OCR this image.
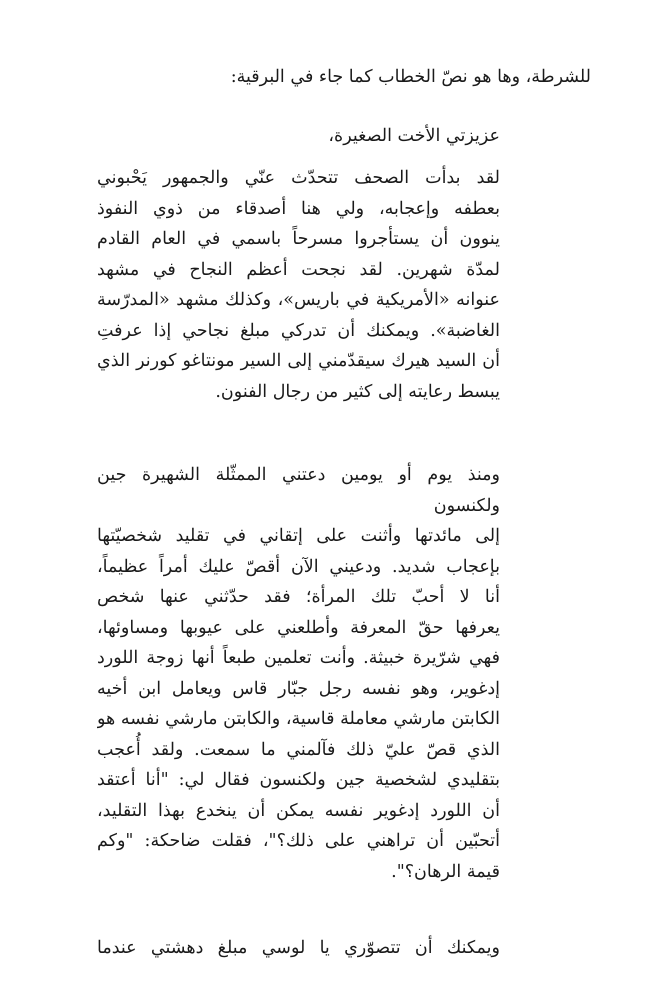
للشرطة، وها هو نصّ الخطاب كما جاء في البرقية:
عزيزتي الأخت الصغيرة،
لقد بدأت الصحف تتحدّث عنّي والجمهور يَحْبوني
بعطفه وإعجابه، ولي هنا أصدقاء من ذوي النفوذ
ينوون أن يستأجروا مسرحاً باسمي في العام القادم
لمدّة شهرين. لقد نجحت أعظم النجاح في مشهد
عنوانه «الأمريكية في باريس»، وكذلك مشهد «المدرّسة
الغاضبة». ويمكنك أن تدركي مبلغ نجاحي إذا عرفتِ
أن السيد هيرك سيقدّمني إلى السير مونتاغو كورنر الذي
يبسط رعايته إلى كثير من رجال الفنون.
ومنذ يوم أو يومين دعتني الممثّلة الشهيرة جين ولكنسون
إلى مائدتها وأثنت على إتقاني في تقليد شخصيّتها
بإعجاب شديد. ودعيني الآن أقصّ عليك أمراً عظيماً،
أنا لا أحبّ تلك المرأة؛ فقد حدّثني عنها شخص
يعرفها حقّ المعرفة وأطلعني على عيوبها ومساوئها،
فهي شرّيرة خبيثة. وأنت تعلمين طبعاً أنها زوجة اللورد
إدغوير، وهو نفسه رجل جبّار قاس ويعامل ابن أخيه
الكابتن مارشي معاملة قاسية، والكابتن مارشي نفسه هو
الذي قصّ عليّ ذلك فآلمني ما سمعت. ولقد أُعجب
بتقليدي لشخصية جين ولكنسون فقال لي: "أنا أعتقد
أن اللورد إدغوير نفسه يمكن أن ينخدع بهذا التقليد،
أتحبّين أن تراهني على ذلك؟"، فقلت ضاحكة: "وكم
قيمة الرهان؟".
ويمكنك أن تتصوّري يا لوسي مبلغ دهشتي عندما
